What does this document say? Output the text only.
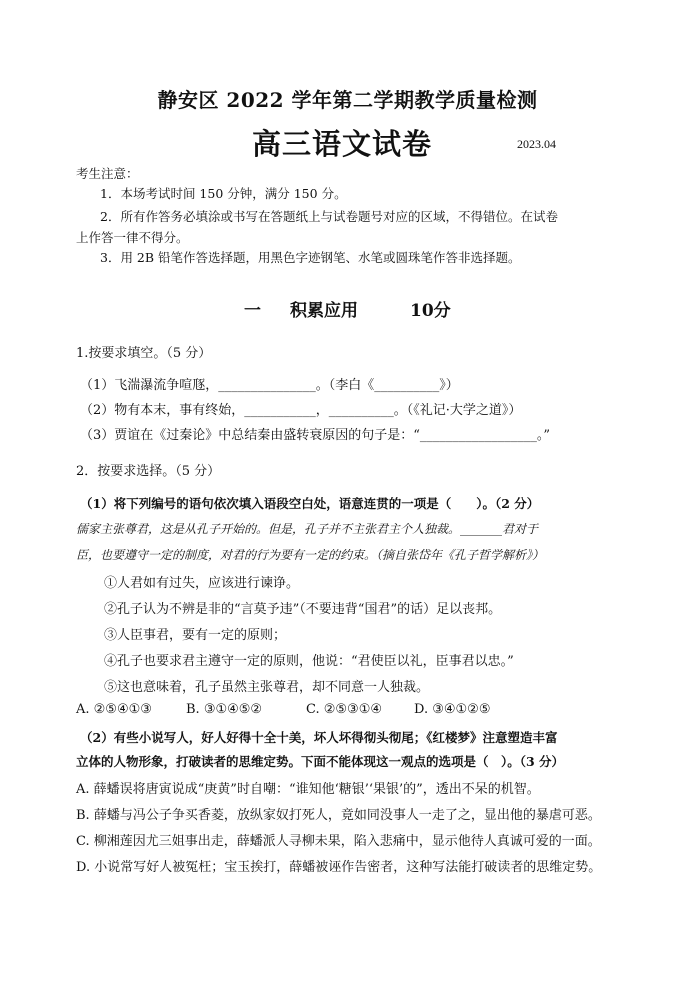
静安区 2022 学年第二学期教学质量检测
高三语文试卷	2023.04
考生注意：
1．本场考试时间 150 分钟，满分 150 分。
2．所有作答务必填涂或书写在答题纸上与试卷题号对应的区域，不得错位。在试卷
上作答一律不得分。
3．用 2B 铅笔作答选择题，用黑色字迹钢笔、水笔或圆珠笔作答非选择题。
一 积累应用	10分
1.按要求填空。（5 分）
（1）飞湍瀑流争喧豗，_______________。（李白《__________》）
（2）物有本末，事有终始，___________，__________。（《礼记·大学之道》）
（3）贾谊在《过秦论》中总结秦由盛转衰原因的句子是：“__________________。”
2．按要求选择。（5 分）
（1）将下列编号的语句依次填入语段空白处，语意连贯的一项是（　　）。（2 分）
儒家主张尊君，这是从孔子开始的。但是，孔子并不主张君主个人独裁。_______君对于
臣，也要遵守一定的制度，对君的行为要有一定的约束。（摘自张岱年《孔子哲学解析》）
①人君如有过失，应该进行谏诤。
②孔子认为不辨是非的“言莫予违”（不要违背“国君”的话）足以丧邦。
③人臣事君，要有一定的原则；
④孔子也要求君主遵守一定的原则，他说：“君使臣以礼，臣事君以忠。”
⑤这也意味着，孔子虽然主张尊君，却不同意一人独裁。
A. ②⑤④①③	B. ③①④⑤②	C. ②⑤③①④ D. ③④①②⑤
（2）有些小说写人，好人好得十全十美，坏人坏得彻头彻尾；《红楼梦》注意塑造丰富
立体的人物形象，打破读者的思维定势。下面不能体现这一观点的选项是（　）。（3 分）
A. 薛蟠误将唐寅说成“庚黄”时自嘲：“谁知他‘糖银’‘果银’的”，透出不呆的机智。
B. 薛蟠与冯公子争买香菱，放纵家奴打死人，竟如同没事人一走了之，显出他的暴虐可恶。
C. 柳湘莲因尤三姐事出走，薛蟠派人寻柳未果，陷入悲痛中，显示他待人真诚可爱的一面。
D. 小说常写好人被冤枉；宝玉挨打，薛蟠被诬作告密者，这种写法能打破读者的思维定势。
